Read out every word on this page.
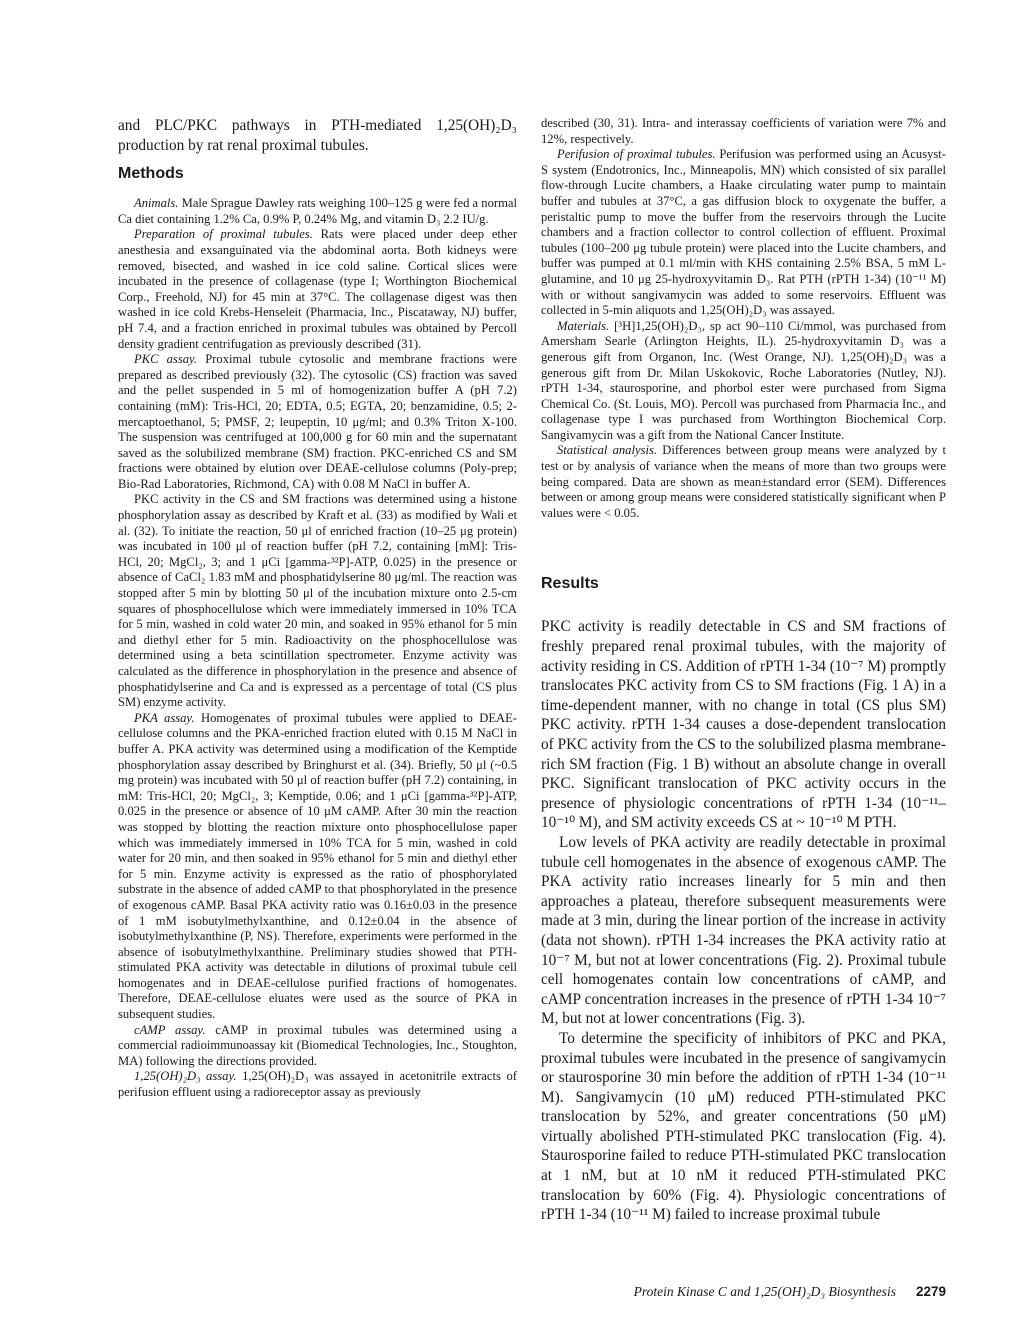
and PLC/PKC pathways in PTH-mediated 1,25(OH)₂D₃ production by rat renal proximal tubules.

Methods

Animals. Male Sprague Dawley rats weighing 100–125 g were fed a normal Ca diet containing 1.2% Ca, 0.9% P, 0.24% Mg, and vitamin D₃ 2.2 IU/g.

Preparation of proximal tubules. Rats were placed under deep ether anesthesia and exsanguinated via the abdominal aorta. Both kidneys were removed, bisected, and washed in ice cold saline. Cortical slices were incubated in the presence of collagenase (type I; Worthington Biochemical Corp., Freehold, NJ) for 45 min at 37°C. The collagenase digest was then washed in ice cold Krebs-Henseleit (Pharmacia, Inc., Piscataway, NJ) buffer, pH 7.4, and a fraction enriched in proximal tubules was obtained by Percoll density gradient centrifugation as previously described (31).

PKC assay. Proximal tubule cytosolic and membrane fractions were prepared as described previously (32). The cytosolic (CS) fraction was saved and the pellet suspended in 5 ml of homogenization buffer A (pH 7.2) containing (mM): Tris-HCl, 20; EDTA, 0.5; EGTA, 20; benzamidine, 0.5; 2-mercaptoethanol, 5; PMSF, 2; leupeptin, 10 μg/ml; and 0.3% Triton X-100. The suspension was centrifuged at 100,000 g for 60 min and the supernatant saved as the solubilized membrane (SM) fraction. PKC-enriched CS and SM fractions were obtained by elution over DEAE-cellulose columns (Poly-prep; Bio-Rad Laboratories, Richmond, CA) with 0.08 M NaCl in buffer A.

PKC activity in the CS and SM fractions was determined using a histone phosphorylation assay as described by Kraft et al. (33) as modified by Wali et al. (32). To initiate the reaction, 50 μl of enriched fraction (10–25 μg protein) was incubated in 100 μl of reaction buffer (pH 7.2, containing [mM]: Tris-HCl, 20; MgCl₂, 3; and 1 μCi [gamma-³²P]-ATP, 0.025) in the presence or absence of CaCl₂ 1.83 mM and phosphatidylserine 80 μg/ml. The reaction was stopped after 5 min by blotting 50 μl of the incubation mixture onto 2.5-cm squares of phosphocellulose which were immediately immersed in 10% TCA for 5 min, washed in cold water 20 min, and soaked in 95% ethanol for 5 min and diethyl ether for 5 min. Radioactivity on the phosphocellulose was determined using a beta scintillation spectrometer. Enzyme activity was calculated as the difference in phosphorylation in the presence and absence of phosphatidylserine and Ca and is expressed as a percentage of total (CS plus SM) enzyme activity.

PKA assay. Homogenates of proximal tubules were applied to DEAE-cellulose columns and the PKA-enriched fraction eluted with 0.15 M NaCl in buffer A. PKA activity was determined using a modification of the Kemptide phosphorylation assay described by Bringhurst et al. (34). Briefly, 50 μl (~0.5 mg protein) was incubated with 50 μl of reaction buffer (pH 7.2) containing, in mM: Tris-HCl, 20; MgCl₂, 3; Kemptide, 0.06; and 1 μCi [gamma-³²P]-ATP, 0.025 in the presence or absence of 10 μM cAMP. After 30 min the reaction was stopped by blotting the reaction mixture onto phosphocellulose paper which was immediately immersed in 10% TCA for 5 min, washed in cold water for 20 min, and then soaked in 95% ethanol for 5 min and diethyl ether for 5 min. Enzyme activity is expressed as the ratio of phosphorylated substrate in the absence of added cAMP to that phosphorylated in the presence of exogenous cAMP. Basal PKA activity ratio was 0.16±0.03 in the presence of 1 mM isobutylmethylxanthine, and 0.12±0.04 in the absence of isobutylmethylxanthine (P, NS). Therefore, experiments were performed in the absence of isobutylmethylxanthine. Preliminary studies showed that PTH-stimulated PKA activity was detectable in dilutions of proximal tubule cell homogenates and in DEAE-cellulose purified fractions of homogenates. Therefore, DEAE-cellulose eluates were used as the source of PKA in subsequent studies.

cAMP assay. cAMP in proximal tubules was determined using a commercial radioimmunoassay kit (Biomedical Technologies, Inc., Stoughton, MA) following the directions provided.

1,25(OH)₂D₃ assay. 1,25(OH)₂D₃ was assayed in acetonitrile extracts of perifusion effluent using a radioreceptor assay as previously

described (30, 31). Intra- and interassay coefficients of variation were 7% and 12%, respectively.

Perifusion of proximal tubules. Perifusion was performed using an Acusyst-S system (Endotronics, Inc., Minneapolis, MN) which consisted of six parallel flow-through Lucite chambers, a Haake circulating water pump to maintain buffer and tubules at 37°C, a gas diffusion block to oxygenate the buffer, a peristaltic pump to move the buffer from the reservoirs through the Lucite chambers and a fraction collector to control collection of effluent. Proximal tubules (100–200 μg tubule protein) were placed into the Lucite chambers, and buffer was pumped at 0.1 ml/min with KHS containing 2.5% BSA, 5 mM L-glutamine, and 10 μg 25-hydroxyvitamin D₃. Rat PTH (rPTH 1-34) (10⁻¹¹ M) with or without sangivamycin was added to some reservoirs. Effluent was collected in 5-min aliquots and 1,25(OH)₂D₃ was assayed.

Materials. [³H]1,25(OH)₂D₃, sp act 90–110 Ci/mmol, was purchased from Amersham Searle (Arlington Heights, IL). 25-hydroxyvitamin D₃ was a generous gift from Organon, Inc. (West Orange, NJ). 1,25(OH)₂D₃ was a generous gift from Dr. Milan Uskokovic, Roche Laboratories (Nutley, NJ). rPTH 1-34, staurosporine, and phorbol ester were purchased from Sigma Chemical Co. (St. Louis, MO). Percoll was purchased from Pharmacia Inc., and collagenase type I was purchased from Worthington Biochemical Corp. Sangivamycin was a gift from the National Cancer Institute.

Statistical analysis. Differences between group means were analyzed by t test or by analysis of variance when the means of more than two groups were being compared. Data are shown as mean±standard error (SEM). Differences between or among group means were considered statistically significant when P values were < 0.05.

Results

PKC activity is readily detectable in CS and SM fractions of freshly prepared renal proximal tubules, with the majority of activity residing in CS. Addition of rPTH 1-34 (10⁻⁷ M) promptly translocates PKC activity from CS to SM fractions (Fig. 1 A) in a time-dependent manner, with no change in total (CS plus SM) PKC activity. rPTH 1-34 causes a dose-dependent translocation of PKC activity from the CS to the solubilized plasma membrane-rich SM fraction (Fig. 1 B) without an absolute change in overall PKC. Significant translocation of PKC activity occurs in the presence of physiologic concentrations of rPTH 1-34 (10⁻¹¹–10⁻¹⁰ M), and SM activity exceeds CS at ~ 10⁻¹⁰ M PTH.

Low levels of PKA activity are readily detectable in proximal tubule cell homogenates in the absence of exogenous cAMP. The PKA activity ratio increases linearly for 5 min and then approaches a plateau, therefore subsequent measurements were made at 3 min, during the linear portion of the increase in activity (data not shown). rPTH 1-34 increases the PKA activity ratio at 10⁻⁷ M, but not at lower concentrations (Fig. 2). Proximal tubule cell homogenates contain low concentrations of cAMP, and cAMP concentration increases in the presence of rPTH 1-34 10⁻⁷ M, but not at lower concentrations (Fig. 3).

To determine the specificity of inhibitors of PKC and PKA, proximal tubules were incubated in the presence of sangivamycin or staurosporine 30 min before the addition of rPTH 1-34 (10⁻¹¹ M). Sangivamycin (10 μM) reduced PTH-stimulated PKC translocation by 52%, and greater concentrations (50 μM) virtually abolished PTH-stimulated PKC translocation (Fig. 4). Staurosporine failed to reduce PTH-stimulated PKC translocation at 1 nM, but at 10 nM it reduced PTH-stimulated PKC translocation by 60% (Fig. 4). Physiologic concentrations of rPTH 1-34 (10⁻¹¹ M) failed to increase proximal tubule

Protein Kinase C and 1,25(OH)₂D₃ Biosynthesis 2279
